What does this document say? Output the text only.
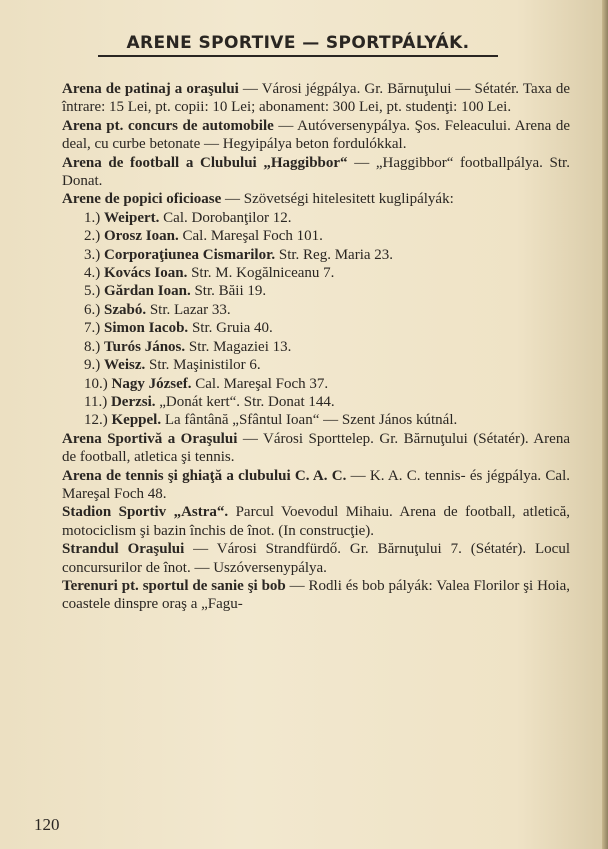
ARENE SPORTIVE — SPORTPÁLYÁK.

Arena de patinaj a oraşului — Városi jégpálya. Gr. Bărnuţului — Sétatér. Taxa de întrare: 15 Lei, pt. copii: 10 Lei; abonament: 300 Lei, pt. studenţi: 100 Lei.

Arena pt. concurs de automobile — Autóversenypálya. Şos. Feleacului. Arena de deal, cu curbe betonate — Hegyipálya beton fordulókkal.

Arena de football a Clubului „Haggibbor“ — „Haggibbor“ footballpálya. Str. Donat.

Arene de popici oficioase — Szövetségi hitelesitett kuglipályák:

1.) Weipert. Cal. Dorobanţilor 12.

2.) Orosz Ioan. Cal. Mareşal Foch 101.

3.) Corporaţiunea Cismarilor. Str. Reg. Maria 23.

4.) Kovács Ioan. Str. M. Kogălniceanu 7.

5.) Gărdan Ioan. Str. Băii 19.

6.) Szabó. Str. Lazar 33.

7.) Simon Iacob. Str. Gruia 40.

8.) Turós János. Str. Magaziei 13.

9.) Weisz. Str. Maşinistilor 6.

10.) Nagy József. Cal. Mareşal Foch 37.

11.) Derzsi. „Donát kert“. Str. Donat 144.

12.) Keppel. La fântână „Sfântul Ioan“ — Szent János kútnál.

Arena Sportivă a Oraşului — Városi Sporttelep. Gr. Bărnuţului (Sétatér). Arena de football, atletica şi tennis.

Arena de tennis şi ghiaţă a clubului C. A. C. — K. A. C. tennis- és jégpálya. Cal. Mareşal Foch 48.

Stadion Sportiv „Astra“. Parcul Voevodul Mihaiu. Arena de football, atletică, motociclism şi bazin închis de înot. (In construcţie).

Strandul Oraşului — Városi Strandfürdő. Gr. Bărnuţului 7. (Sétatér). Locul concursurilor de înot. — Uszóversenypálya.

Terenuri pt. sportul de sanie şi bob — Rodli és bob pályák: Valea Florilor şi Hoia, coastele dinspre oraş a „Fagu-

120
